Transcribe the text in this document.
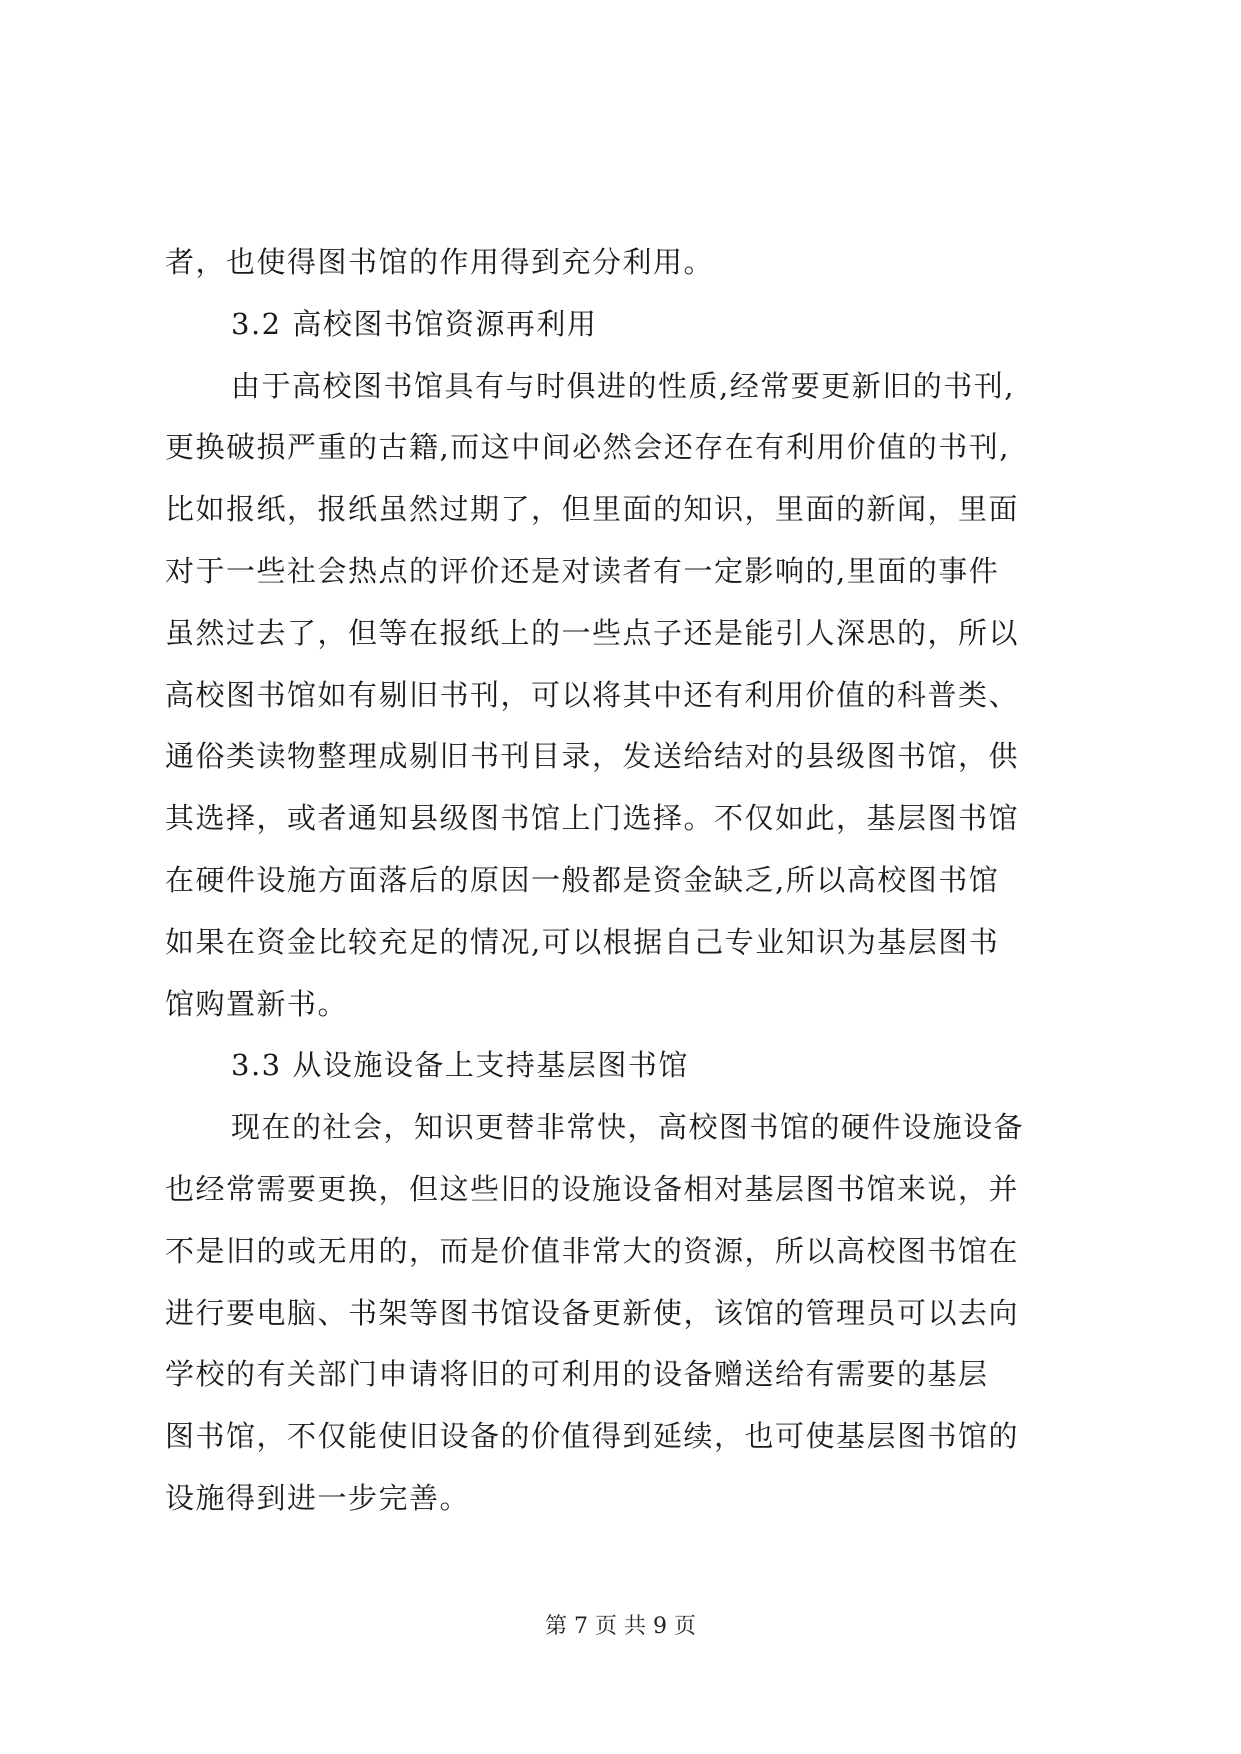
者，也使得图书馆的作用得到充分利用。
3.2 高校图书馆资源再利用
由于高校图书馆具有与时俱进的性质,经常要更新旧的书刊,
更换破损严重的古籍,而这中间必然会还存在有利用价值的书刊,
比如报纸，报纸虽然过期了，但里面的知识，里面的新闻，里面
对于一些社会热点的评价还是对读者有一定影响的,里面的事件
虽然过去了，但等在报纸上的一些点子还是能引人深思的，所以
高校图书馆如有剔旧书刊，可以将其中还有利用价值的科普类、
通俗类读物整理成剔旧书刊目录，发送给结对的县级图书馆，供
其选择，或者通知县级图书馆上门选择。不仅如此，基层图书馆
在硬件设施方面落后的原因一般都是资金缺乏,所以高校图书馆
如果在资金比较充足的情况,可以根据自己专业知识为基层图书
馆购置新书。
3.3 从设施设备上支持基层图书馆
现在的社会，知识更替非常快，高校图书馆的硬件设施设备
也经常需要更换，但这些旧的设施设备相对基层图书馆来说，并
不是旧的或无用的，而是价值非常大的资源，所以高校图书馆在
进行要电脑、书架等图书馆设备更新使，该馆的管理员可以去向
学校的有关部门申请将旧的可利用的设备赠送给有需要的基层
图书馆，不仅能使旧设备的价值得到延续，也可使基层图书馆的
设施得到进一步完善。
第 7 页 共 9 页
